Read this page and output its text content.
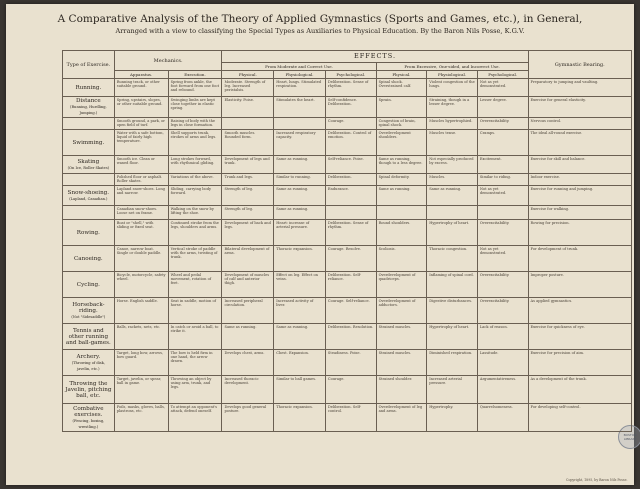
A Comparative Analysis of the Theory of Applied Gymnastics (Sports and Games, etc.), in General,
Arranged with a view to classifying the Special Types as Auxiliaries to Physical Education. By the Baron Nils Posse, K.G.V.
BOSTON LIBRARY
Copyright, 1895, by Baron Nils Posse.
Type of Exercise.	Mechanics.		EFFECTS.						Gymnastic Bearing.
			From Moderate and Correct Use.			From Excessive, One-sided, and Incorrect Use.			
	Apparatus.	Execution.	Physical.	Physiological.	Psychological.	Physical.	Physiological.	Psychological.	

Running.	Running track, or other suitable ground.	Spring from ankle, the foot forward from one foot and rebound.	Moderate. Strength of leg. Increased peristalsis.	Heart, lungs. Stimulated respiration.	Deliberation. Sense of rhythm.	Spinal shock. Overstrained calf.	Violent congestion of the lungs.	Not as yet demonstrated.	Preparatory to jumping and vaulting.

Distance
(Running, Hurdling, Jumping.)	Spring, upstairs, slopes, or other suitable ground.	Swinging limbs are kept close together in elastic spring.	Elasticity. Poise.	Stimulates the heart.	Self-confidence. Deliberation.	Sprain.	Straining, though in a lesser degree.	Lesser degree.	Exercise for general elasticity.

	Smooth ground, a park, or open field of turf.	Raising of body with the legs in close formation.			Courage.	Congestion of brain, spinal shock.	Muscles hypertrophied.	Overexcitability.	Nervous control.

Swimming.	Water with a safe bottom, liquid of fairly high temperature.	Shell supports trunk, strokes of arms and legs.	Smooth muscles. Rounded form.	Increased respiratory capacity.	Deliberation. Control of emotion.	Overdevelopment shoulders.	Muscles tense.	Cramps.	The ideal all-round exercise.

Skating
(On Ice, Roller Skates)	Smooth ice. Clean or waxed floor.	Long strokes forward, with rhythmical gliding.	Development of legs and trunk.	Same as running.	Self-reliance. Poise.	Same as running, though to a less degree.	Not especially produced by excess.	Excitement.	Exercise for skill and balance.

	Polished floor or asphalt. Roller skates.	Variations of the above.	Trunk and legs.	Similar to running.	Deliberation.	Spinal deformity.	Muscles.	Similar to riding.	Indoor exercise.

Snow-shoeing.
(Lapland, Canadian.)	Lapland snow-shoes. Long and narrow.	Sliding, carrying body forward.	Strength of leg.	Same as running.	Endurance.	Same as running.	Same as running.	Not as yet demonstrated.	Exercise for running and jumping.

	Canadian snow-shoes. Loose net on frame.	Walking on the snow by lifting the shoe.	Strength of leg.	Same as running.					Exercise for walking.

Rowing.	Boat or "shell," with sliding or fixed seat.	Continued stroke from the legs, shoulders and arms.	Development of back and legs.	Heart: increase of arterial pressure.	Deliberation. Sense of rhythm.	Round shoulders.	Hypertrophy of heart.	Overexcitability.	Rowing for precision.

Canoeing.	Canoe, narrow boat. Single or double paddle.	Vertical stroke of paddle with the arms, twisting of trunk.	Bilateral development of arms.	Thoracic expansion.	Courage. Resolve.	Scoliosis.	Thoracic congestion.	Not as yet demonstrated.	For development of trunk.

Cycling.	Bicycle, motorcycle, safety wheel.	Wheel and pedal movement, rotation of feet.	Development of muscles of calf and anterior thigh.	Effect on leg. Effect on veins.	Deliberation. Self-reliance.	Overdevelopment of quadriceps.	Inflaming of spinal cord.	Overexcitability.	Improper posture.

Horseback-riding.
(Not "Sidesaddle")	Horse. English saddle.	Seat in saddle, motion of horse.	Increased peripheral circulation.	Increased activity of liver.	Courage. Self-reliance.	Overdevelopment of adductors.	Digestive disturbances.	Overexcitability.	As applied gymnastics.

Tennis and other running and ball-games.	Balls, rackets, nets, etc.	In catch or avoid a ball, to strike it.	Same as running.	Same as running.	Deliberation. Resolution.	Strained muscles.	Hypertrophy of heart.	Lack of reason.	Exercise for quickness of eye.

Archery.
(Throwing of disk, javelin, etc.)	Target, long bow, arrows, bow guard.	The bow is held firm in one hand, the arrow drawn.	Develops chest, arms.	Chest. Expansion.	Steadiness. Poise.	Strained muscles.	Diminished respiration.	Lassitude.	Exercise for precision of aim.

Throwing the Javelin, pitching ball, etc.	Target, javelin, or spear, ball in game.	Throwing an object by using arm, trunk, and legs.	Increased thoracic development.	Similar to ball games.	Courage.	Strained shoulder.	Increased arterial pressure.	Argumentativeness.	As a development of the trunk.

Combative exercises.
(Fencing, boxing, wrestling.)	Foils, masks, gloves, balls, plastrons, etc.	To attempt an opponent's attack, defend oneself.	Develops good general posture.	Thoracic expansion.	Deliberation. Self-control.	Overdevelopment of leg and arms.	Hypertrophy.	Quarrelsomeness.	For developing self-control.
